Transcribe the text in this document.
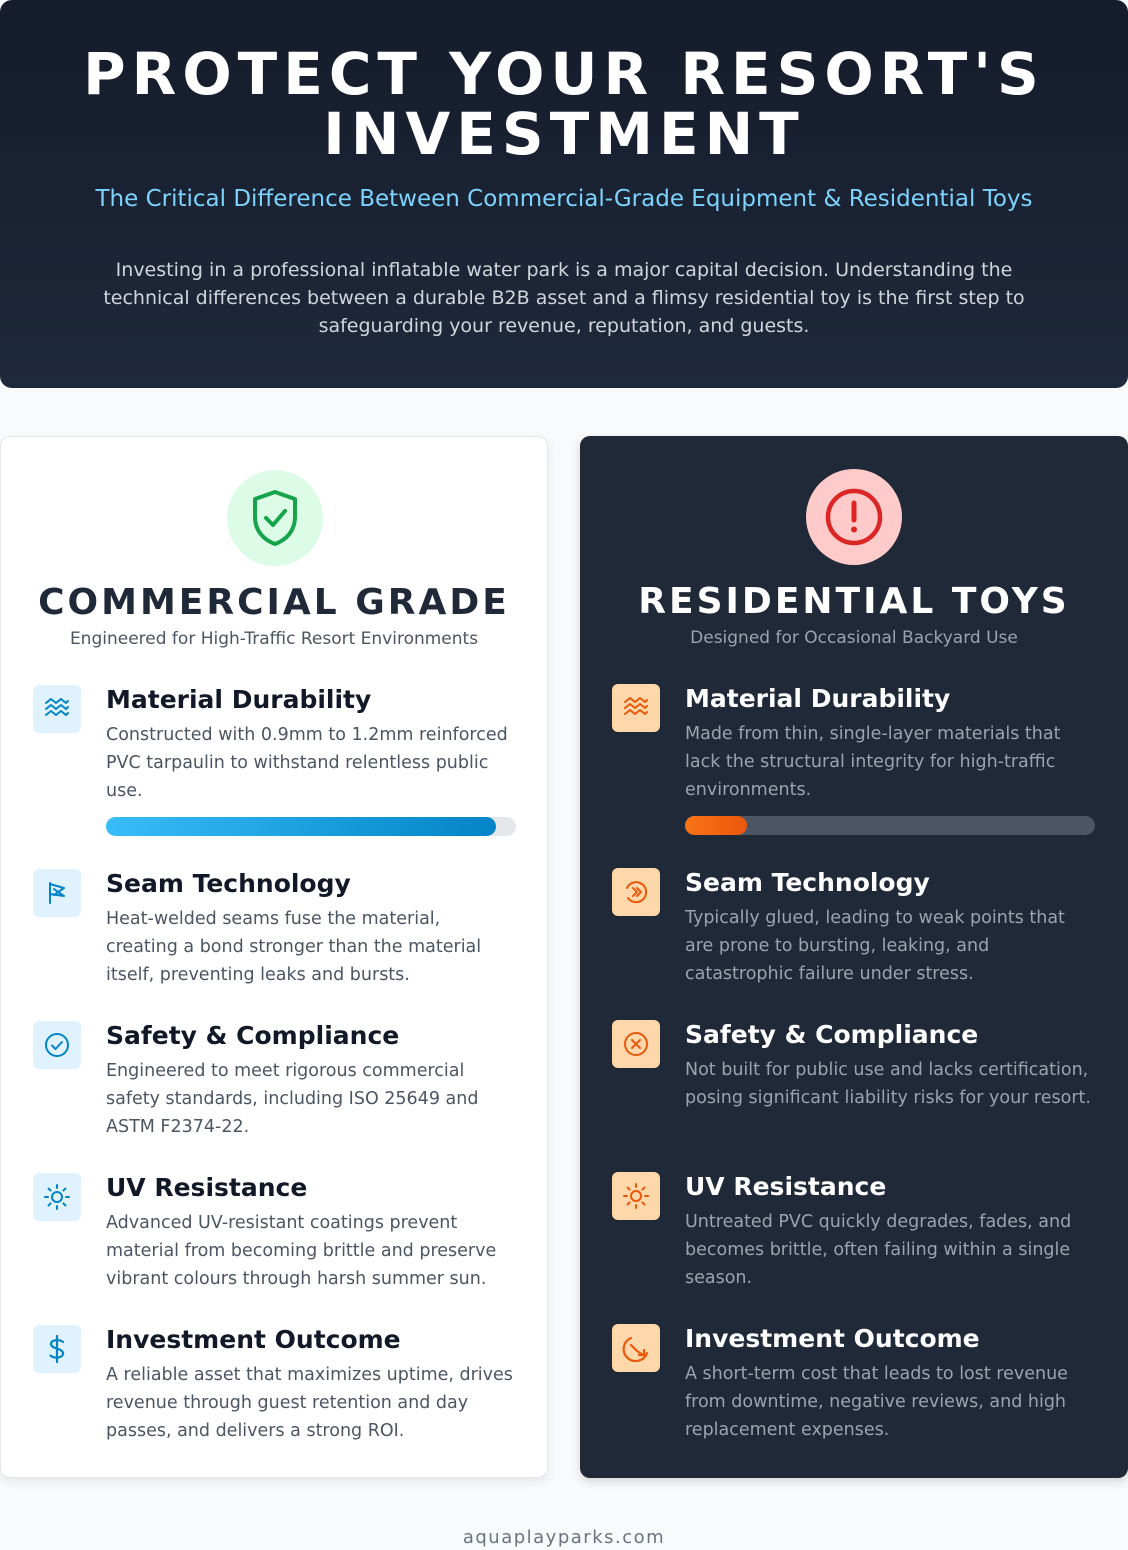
PROTECT YOUR RESORT'S INVESTMENT
The Critical Difference Between Commercial-Grade Equipment & Residential Toys
Investing in a professional inflatable water park is a major capital decision. Understanding the technical differences between a durable B2B asset and a flimsy residential toy is the first step to safeguarding your revenue, reputation, and guests.
COMMERCIAL GRADE
Engineered for High-Traffic Resort Environments
Material Durability
Constructed with 0.9mm to 1.2mm reinforced PVC tarpaulin to withstand relentless public use.
Seam Technology
Heat-welded seams fuse the material, creating a bond stronger than the material itself, preventing leaks and bursts.
Safety & Compliance
Engineered to meet rigorous commercial safety standards, including ISO 25649 and ASTM F2374-22.
UV Resistance
Advanced UV-resistant coatings prevent material from becoming brittle and preserve vibrant colours through harsh summer sun.
Investment Outcome
A reliable asset that maximizes uptime, drives revenue through guest retention and day passes, and delivers a strong ROI.
RESIDENTIAL TOYS
Designed for Occasional Backyard Use
Material Durability
Made from thin, single-layer materials that lack the structural integrity for high-traffic environments.
Seam Technology
Typically glued, leading to weak points that are prone to bursting, leaking, and catastrophic failure under stress.
Safety & Compliance
Not built for public use and lacks certification, posing significant liability risks for your resort.
UV Resistance
Untreated PVC quickly degrades, fades, and becomes brittle, often failing within a single season.
Investment Outcome
A short-term cost that leads to lost revenue from downtime, negative reviews, and high replacement expenses.
aquaplayparks.com
